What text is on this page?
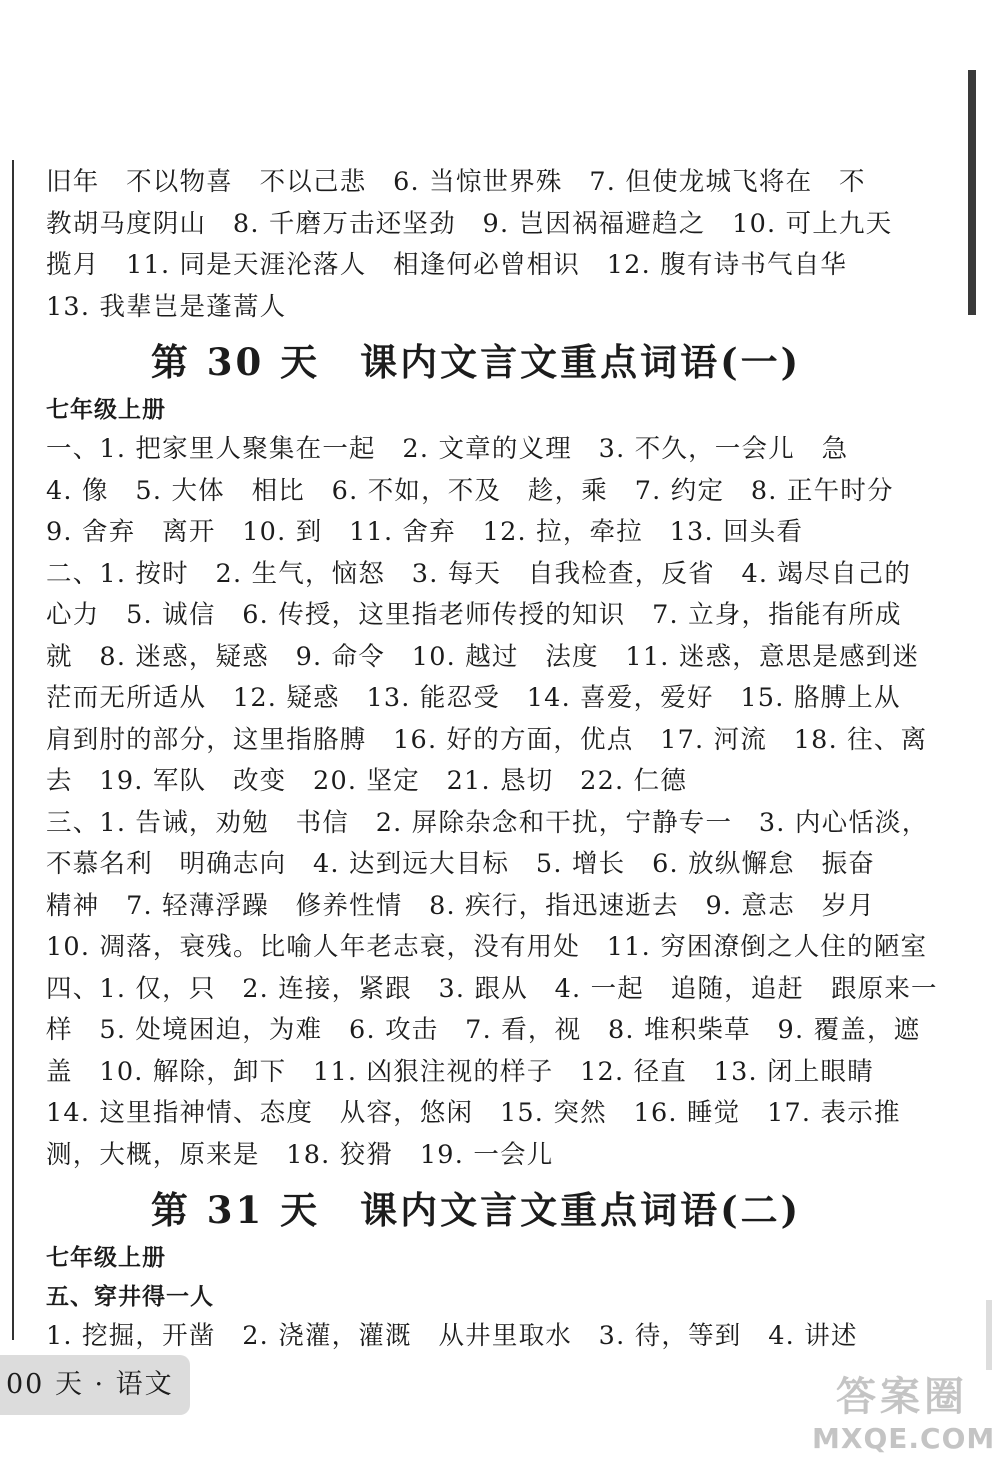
旧年　不以物喜　不以己悲　6. 当惊世界殊　7. 但使龙城飞将在　不
教胡马度阴山　8. 千磨万击还坚劲　9. 岂因祸福避趋之　10. 可上九天
揽月　11. 同是天涯沦落人　相逢何必曾相识　12. 腹有诗书气自华
13. 我辈岂是蓬蒿人
第 30 天　课内文言文重点词语(一)
七年级上册
一、1. 把家里人聚集在一起　2. 文章的义理　3. 不久，一会儿　急
4. 像　5. 大体　相比　6. 不如，不及　趁，乘　7. 约定　8. 正午时分
9. 舍弃　离开　10. 到　11. 舍弃　12. 拉，牵拉　13. 回头看
二、1. 按时　2. 生气，恼怒　3. 每天　自我检查，反省　4. 竭尽自己的
心力　5. 诚信　6. 传授，这里指老师传授的知识　7. 立身，指能有所成
就　8. 迷惑，疑惑　9. 命令　10. 越过　法度　11. 迷惑，意思是感到迷
茫而无所适从　12. 疑惑　13. 能忍受　14. 喜爱，爱好　15. 胳膊上从
肩到肘的部分，这里指胳膊　16. 好的方面，优点　17. 河流　18. 往、离
去　19. 军队　改变　20. 坚定　21. 恳切　22. 仁德
三、1. 告诫，劝勉　书信　2. 屏除杂念和干扰，宁静专一　3. 内心恬淡，
不慕名利　明确志向　4. 达到远大目标　5. 增长　6. 放纵懈怠　振奋
精神　7. 轻薄浮躁　修养性情　8. 疾行，指迅速逝去　9. 意志　岁月
10. 凋落，衰残。比喻人年老志衰，没有用处　11. 穷困潦倒之人住的陋室
四、1. 仅，只　2. 连接，紧跟　3. 跟从　4. 一起　追随，追赶　跟原来一
样　5. 处境困迫，为难　6. 攻击　7. 看，视　8. 堆积柴草　9. 覆盖，遮
盖　10. 解除，卸下　11. 凶狠注视的样子　12. 径直　13. 闭上眼睛
14. 这里指神情、态度　从容，悠闲　15. 突然　16. 睡觉　17. 表示推
测，大概，原来是　18. 狡猾　19. 一会儿
第 31 天　课内文言文重点词语(二)
七年级上册
五、穿井得一人
1. 挖掘，开凿　2. 浇灌，灌溉　从井里取水　3. 待，等到　4. 讲述
00 天 · 语文	答案圈
MXQE.COM
